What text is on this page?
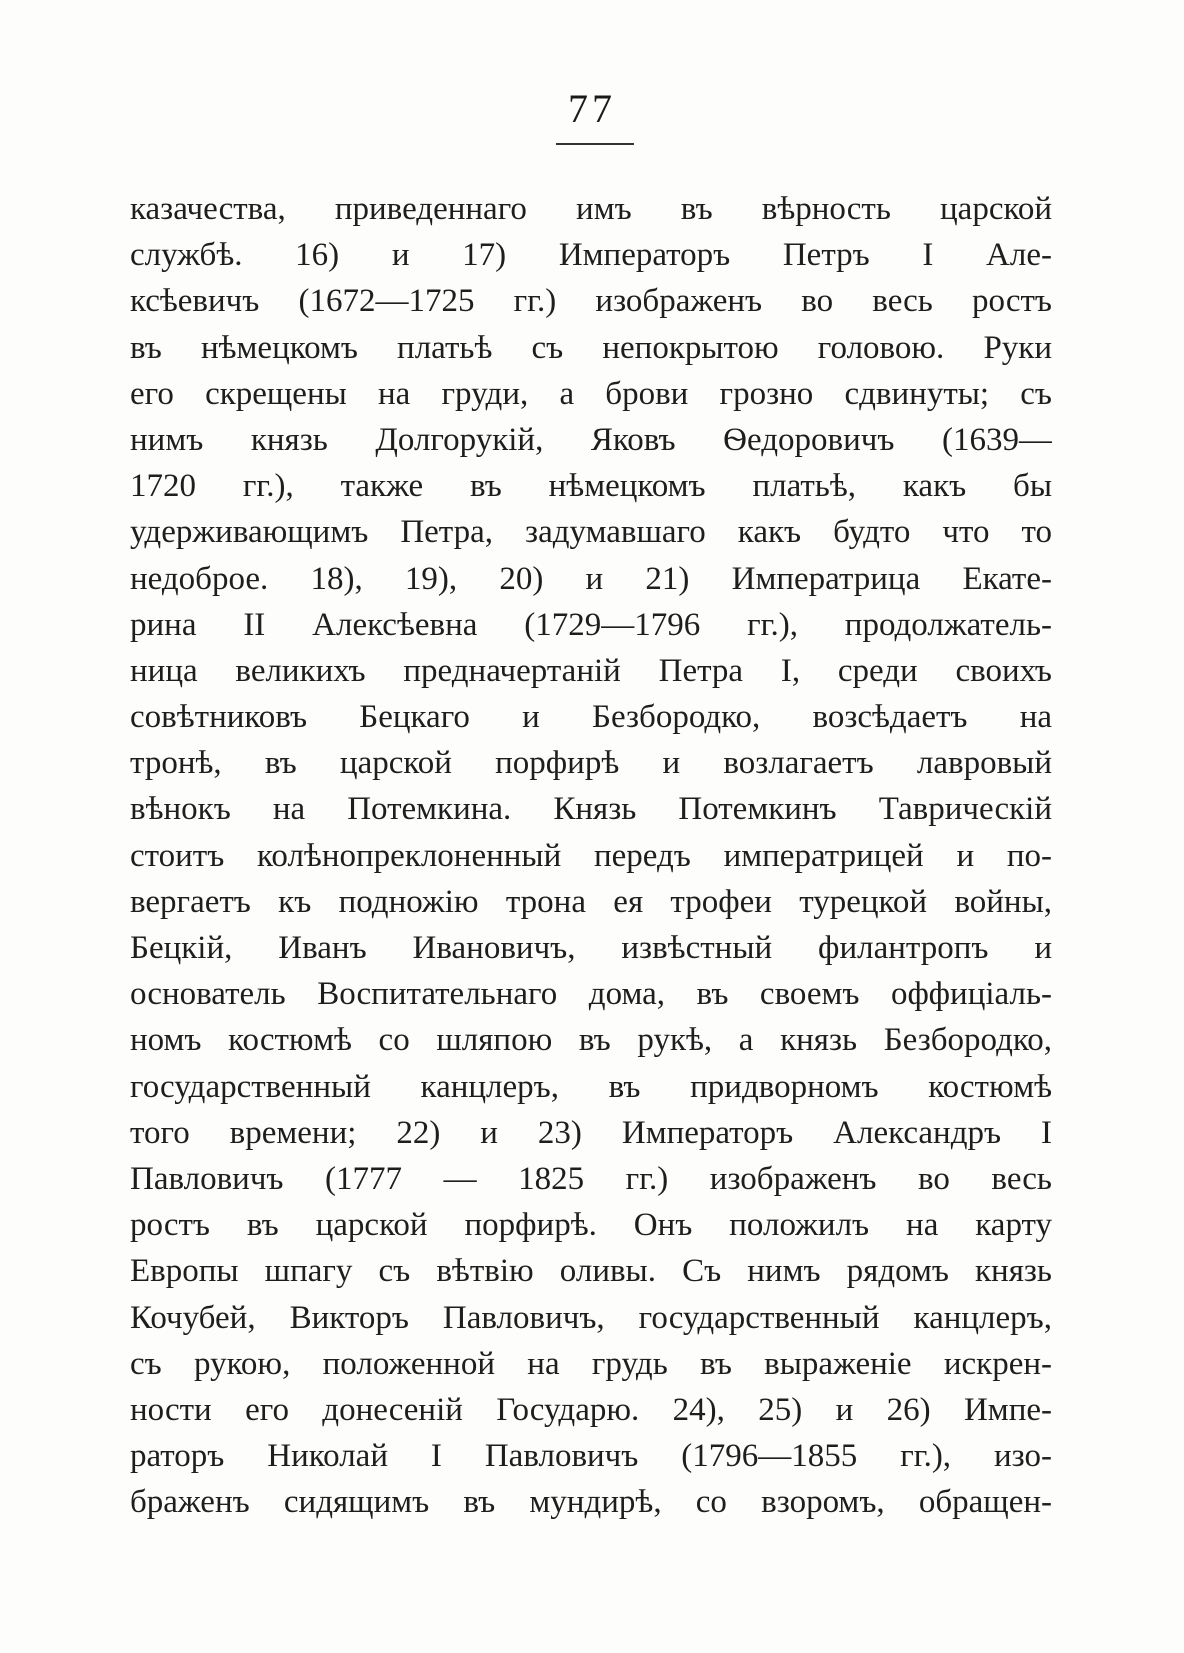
77
казачества, приведеннаго имъ въ вѣрность царской
службѣ. 16) и 17) Императоръ Петръ I Але-
ксѣевичъ (1672—1725 гг.) изображенъ во весь ростъ
въ нѣмецкомъ платьѣ съ непокрытою головою. Руки
его скрещены на груди, а брови грозно сдвинуты; съ
нимъ князь Долгорукій, Яковъ Ѳедоровичъ (1639—
1720 гг.), также въ нѣмецкомъ платьѣ, какъ бы
удерживающимъ Петра, задумавшаго какъ будто что то
недоброе. 18), 19), 20) и 21) Императрица Екате-
рина II Алексѣевна (1729—1796 гг.), продолжатель-
ница великихъ предначертаній Петра I, среди своихъ
совѣтниковъ Бецкаго и Безбородко, возсѣдаетъ на
тронѣ, въ царской порфирѣ и возлагаетъ лавровый
вѣнокъ на Потемкина. Князь Потемкинъ Таврическій
стоитъ колѣнопреклоненный передъ императрицей и по-
вергаетъ къ подножію трона ея трофеи турецкой войны,
Бецкій, Иванъ Ивановичъ, извѣстный филантропъ и
основатель Воспитательнаго дома, въ своемъ оффиціаль-
номъ костюмѣ со шляпою въ рукѣ, а князь Безбородко,
государственный канцлеръ, въ придворномъ костюмѣ
того времени; 22) и 23) Императоръ Александръ I
Павловичъ (1777 — 1825 гг.) изображенъ во весь
ростъ въ царской порфирѣ. Онъ положилъ на карту
Европы шпагу съ вѣтвію оливы. Съ нимъ рядомъ князь
Кочубей, Викторъ Павловичъ, государственный канцлеръ,
съ рукою, положенной на грудь въ выраженіе искрен-
ности его донесеній Государю. 24), 25) и 26) Импе-
раторъ Николай I Павловичъ (1796—1855 гг.), изо-
браженъ сидящимъ въ мундирѣ, со взоромъ, обращен-
